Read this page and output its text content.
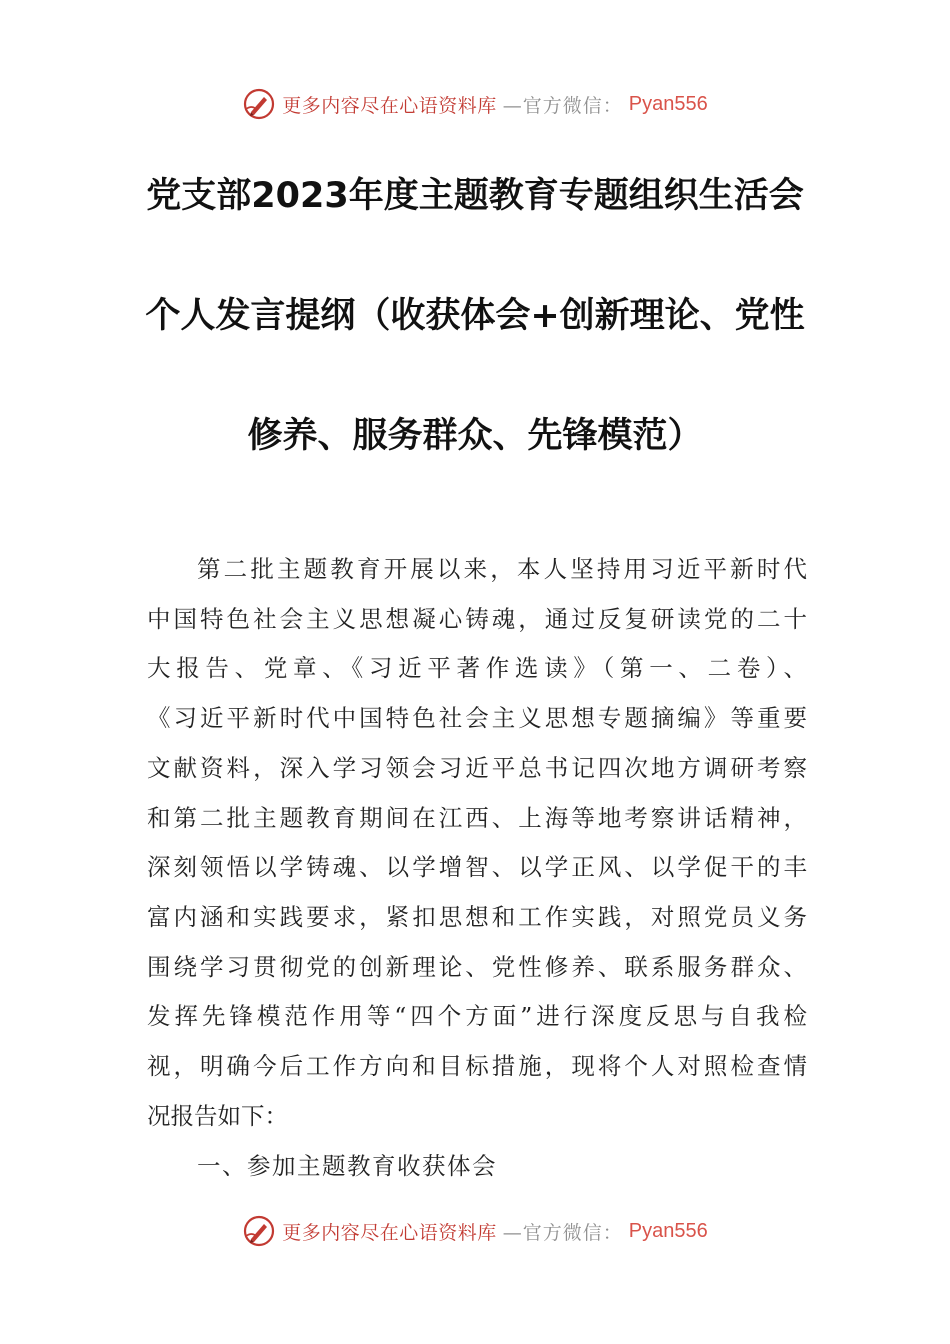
更多内容尽在心语资料库 —官方微信： Pyan556
党支部2023年度主题教育专题组织生活会
个人发言提纲（收获体会+创新理论、党性
修养、服务群众、先锋模范）
第二批主题教育开展以来，本人坚持用习近平新时代
中国特色社会主义思想凝心铸魂，通过反复研读党的二十
大报告、党章、《习近平著作选读》（第一、二卷）、
《习近平新时代中国特色社会主义思想专题摘编》等重要
文献资料，深入学习领会习近平总书记四次地方调研考察
和第二批主题教育期间在江西、上海等地考察讲话精神，
深刻领悟以学铸魂、以学增智、以学正风、以学促干的丰
富内涵和实践要求，紧扣思想和工作实践，对照党员义务
围绕学习贯彻党的创新理论、党性修养、联系服务群众、
发挥先锋模范作用等“四个方面”进行深度反思与自我检
视，明确今后工作方向和目标措施，现将个人对照检查情
况报告如下：
一、参加主题教育收获体会
更多内容尽在心语资料库 —官方微信： Pyan556
